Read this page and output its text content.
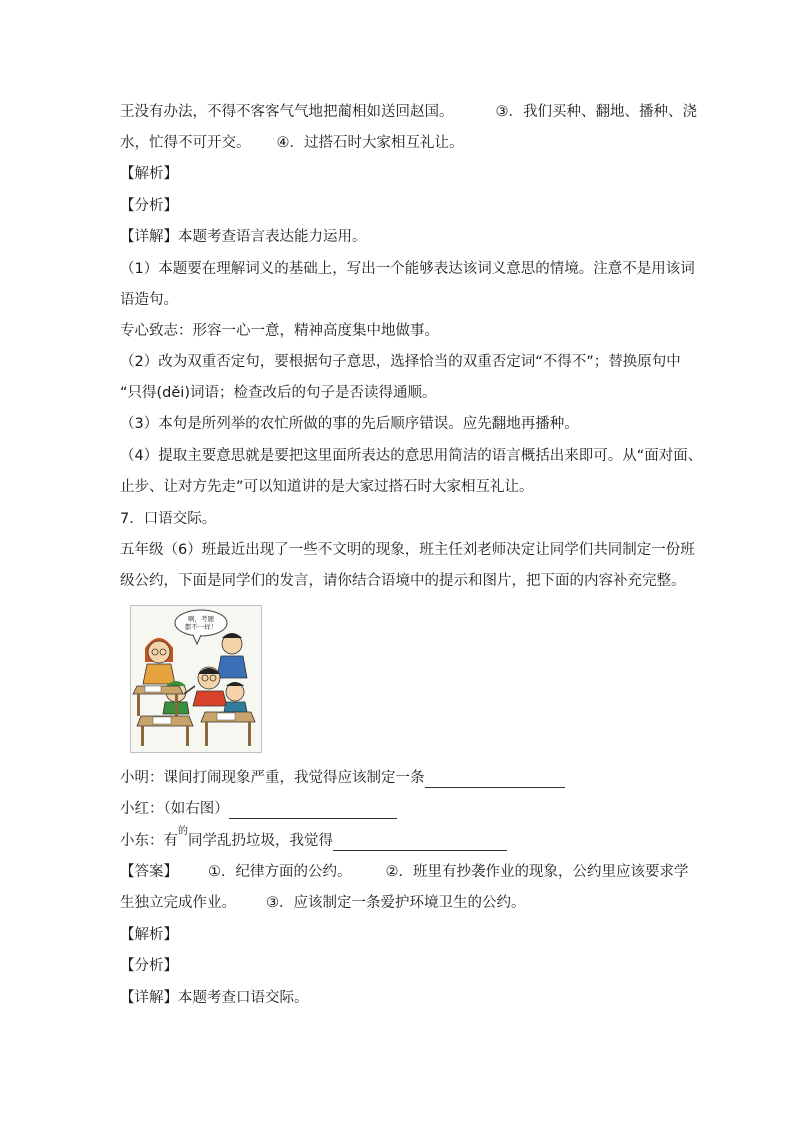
王没有办法，不得不客客气气地把蔺相如送回赵国。	③．我们买种、翻地、播种、浇
水，忙得不可开交。 ④．过搭石时大家相互礼让。
【解析】
【分析】
【详解】本题考查语言表达能力运用。
（1）本题要在理解词义的基础上，写出一个能够表达该词义意思的情境。注意不是用该词
语造句。
专心致志：形容一心一意，精神高度集中地做事。
（2）改为双重否定句，要根据句子意思，选择恰当的双重否定词“不得不”；替换原句中
“只得(děi)词语；检查改后的句子是否读得通顺。
（3）本句是所列举的农忙所做的事的先后顺序错误。应先翻地再播种。
（4）提取主要意思就是要把这里面所表达的意思用简洁的语言概括出来即可。从“面对面、
止步、让对方先走”可以知道讲的是大家过搭石时大家相互礼让。
7．口语交际。
五年级（6）班最近出现了一些不文明的现象，班主任刘老师决定让同学们共同制定一份班
级公约，下面是同学们的发言，请你结合语境中的提示和图片，把下面的内容补充完整。
啊，考题
都不一样！
小明：课间打闹现象严重，我觉得应该制定一条
小红：（如右图）
小东：有
的
同学乱扔垃圾，我觉得
【答案】 ①．纪律方面的公约。 ②．班里有抄袭作业的现象，公约里应该要求学
生独立完成作业。 ③．应该制定一条爱护环境卫生的公约。
【解析】
【分析】
【详解】本题考查口语交际。
